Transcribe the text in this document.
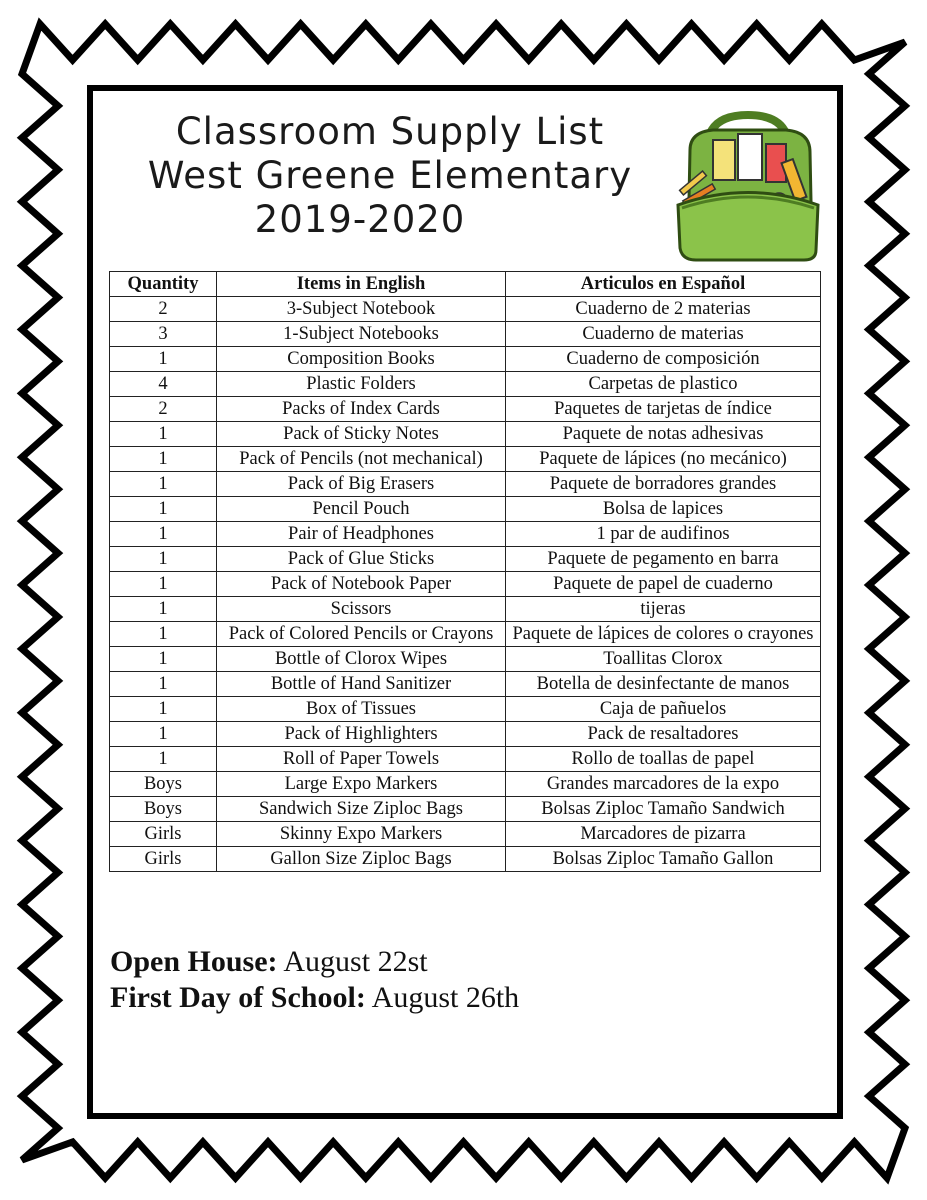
Classroom Supply List
West Greene Elementary
2019-2020
Quantity	Items in English	Articulos en Español
2	3-Subject Notebook	Cuaderno de 2 materias
3	1-Subject Notebooks	Cuaderno de materias
1	Composition Books	Cuaderno de composición
4	Plastic Folders	Carpetas de plastico
2	Packs of Index Cards	Paquetes de tarjetas de índice
1	Pack of Sticky Notes	Paquete de notas adhesivas
1	Pack of Pencils (not mechanical)	Paquete de lápices (no mecánico)
1	Pack of Big Erasers	Paquete de borradores grandes
1	Pencil Pouch	Bolsa de lapices
1	Pair of Headphones	1 par de audifinos
1	Pack of Glue Sticks	Paquete de pegamento en barra
1	Pack of Notebook Paper	Paquete de papel de cuaderno
1	Scissors	tijeras
1	Pack of Colored Pencils or Crayons	Paquete de lápices de colores o crayones
1	Bottle of Clorox Wipes	Toallitas Clorox
1	Bottle of Hand Sanitizer	Botella de desinfectante de manos
1	Box of Tissues	Caja de pañuelos
1	Pack of Highlighters	Pack de resaltadores
1	Roll of Paper Towels	Rollo de toallas de papel
Boys	Large Expo Markers	Grandes marcadores de la expo
Boys	Sandwich Size Ziploc Bags	Bolsas Ziploc Tamaño Sandwich
Girls	Skinny Expo Markers	Marcadores de pizarra
Girls	Gallon Size Ziploc Bags	Bolsas Ziploc Tamaño Gallon
Open House: August 22st
First Day of School: August 26th
